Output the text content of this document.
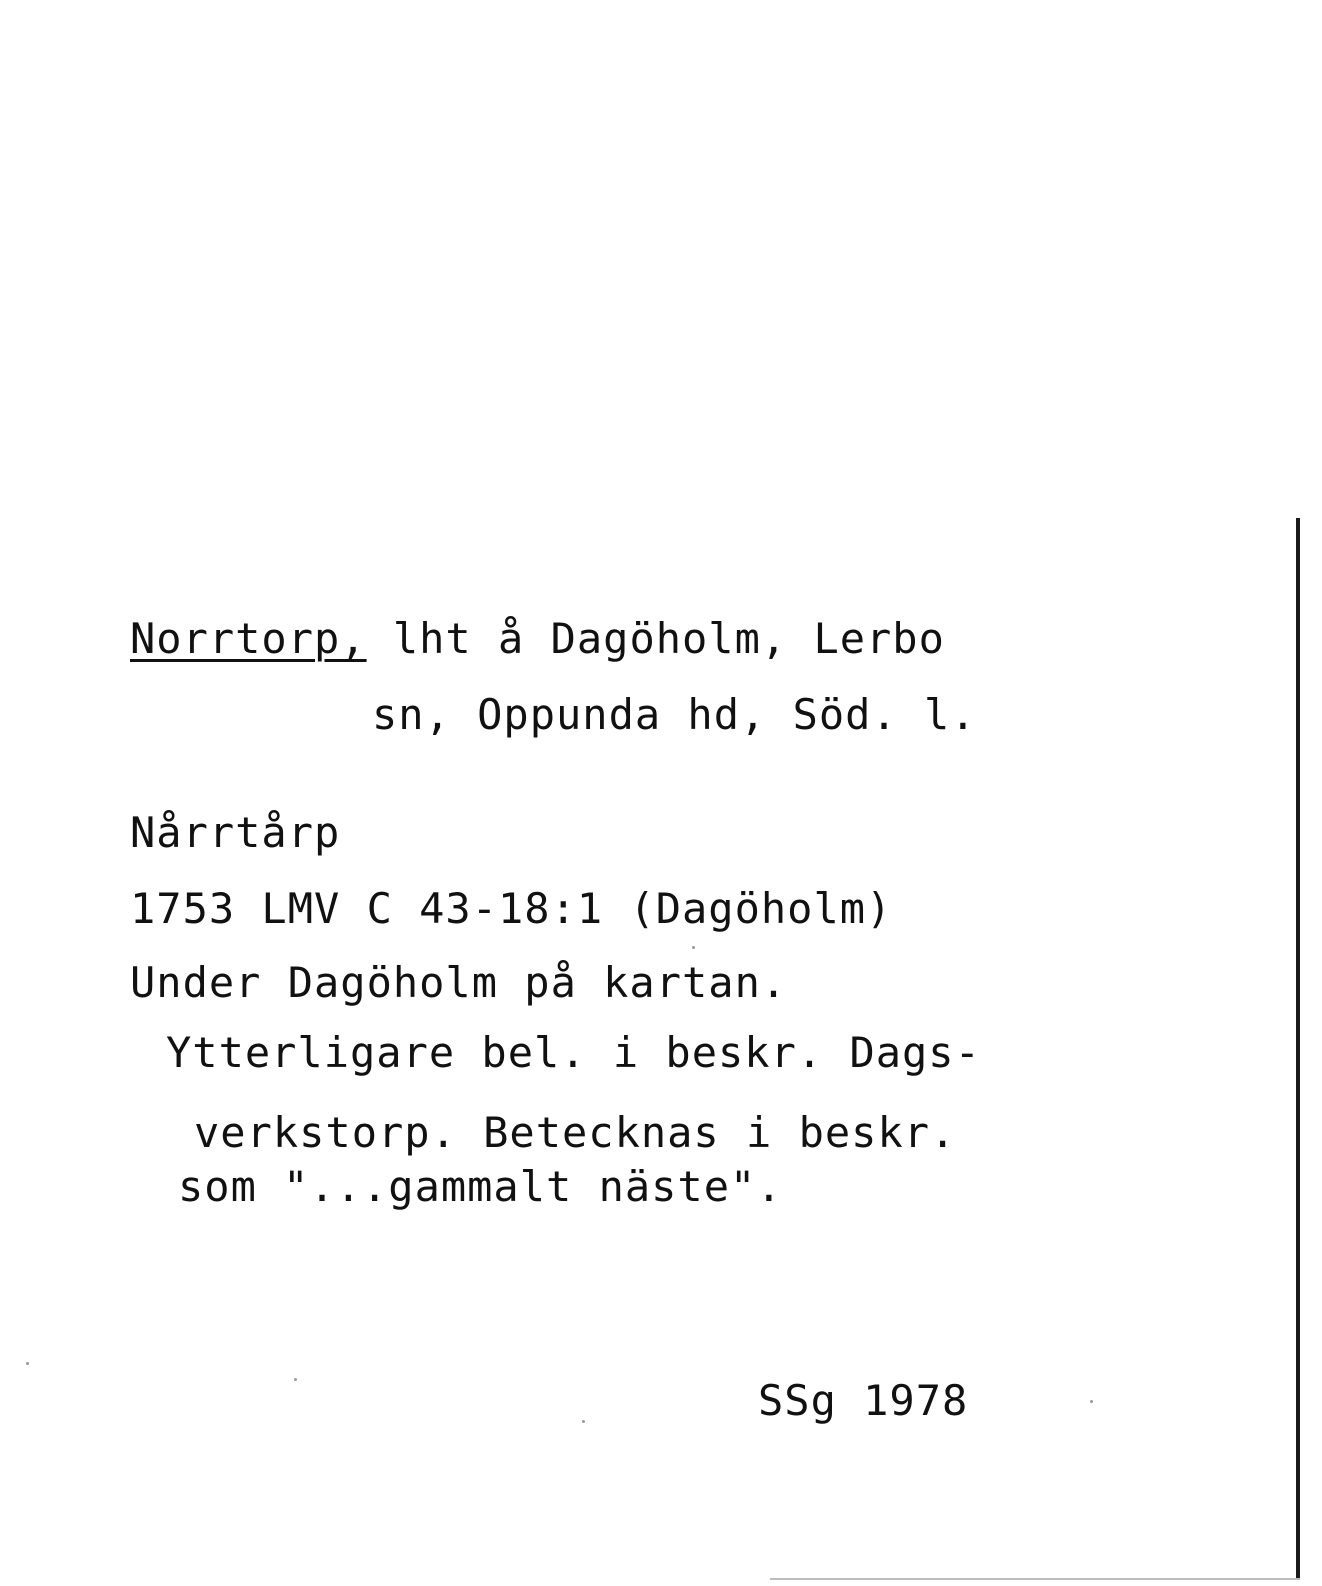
Norrtorp, lht å Dagöholm, Lerbo
sn, Oppunda hd, Söd. l.
Nårrtårp
1753 LMV C 43-18:1 (Dagöholm)
Under Dagöholm på kartan.
Ytterligare bel. i beskr. Dags-
verkstorp. Betecknas i beskr.
som "...gammalt näste".
SSg 1978
